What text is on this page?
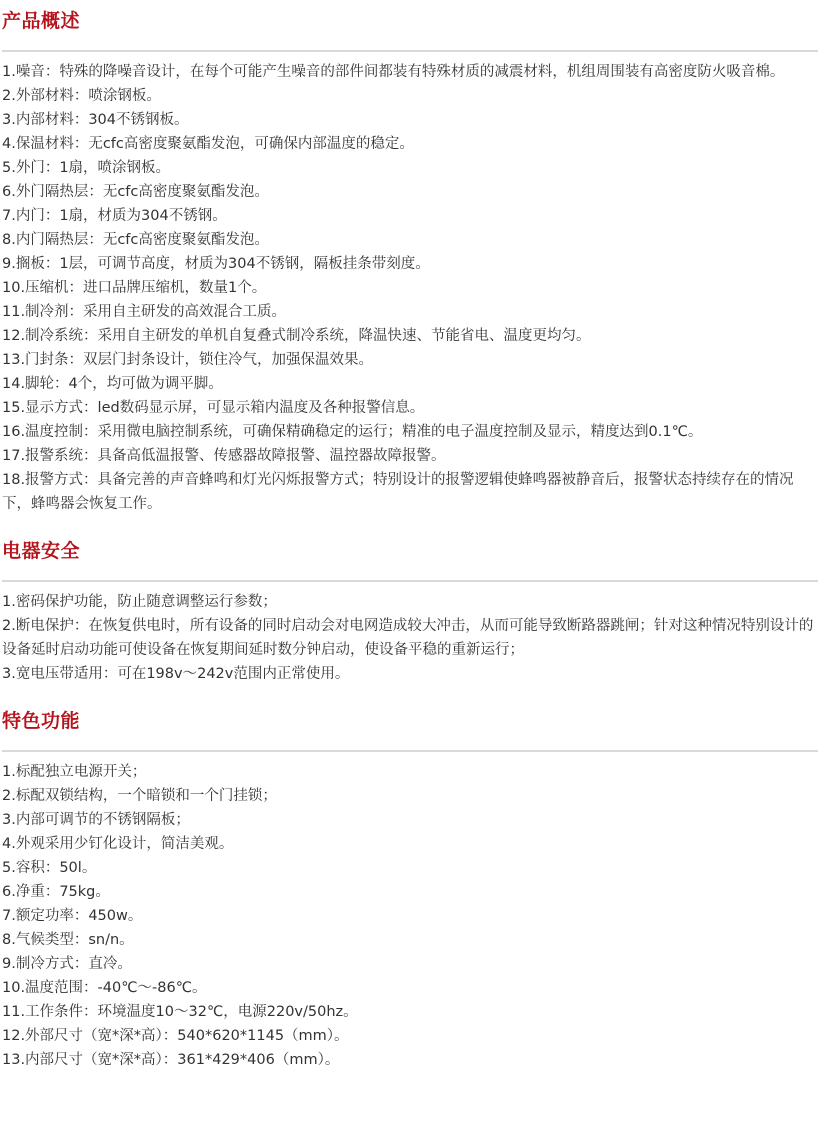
产品概述
1.噪音：特殊的降噪音设计，在每个可能产生噪音的部件间都装有特殊材质的减震材料，机组周围装有高密度防火吸音棉。
2.外部材料：喷涂钢板。
3.内部材料：304不锈钢板。
4.保温材料：无cfc高密度聚氨酯发泡，可确保内部温度的稳定。
5.外门：1扇，喷涂钢板。
6.外门隔热层：无cfc高密度聚氨酯发泡。
7.内门：1扇，材质为304不锈钢。
8.内门隔热层：无cfc高密度聚氨酯发泡。
9.搁板：1层，可调节高度，材质为304不锈钢，隔板挂条带刻度。
10.压缩机：进口品牌压缩机，数量1个。
11.制冷剂：采用自主研发的高效混合工质。
12.制冷系统：采用自主研发的单机自复叠式制冷系统，降温快速、节能省电、温度更均匀。
13.门封条：双层门封条设计，锁住冷气，加强保温效果。
14.脚轮：4个，均可做为调平脚。
15.显示方式：led数码显示屏，可显示箱内温度及各种报警信息。
16.温度控制：采用微电脑控制系统，可确保精确稳定的运行；精准的电子温度控制及显示，精度达到0.1℃。
17.报警系统：具备高低温报警、传感器故障报警、温控器故障报警。
18.报警方式：具备完善的声音蜂鸣和灯光闪烁报警方式；特别设计的报警逻辑使蜂鸣器被静音后，报警状态持续存在的情况下，蜂鸣器会恢复工作。
电器安全
1.密码保护功能，防止随意调整运行参数；
2.断电保护：在恢复供电时，所有设备的同时启动会对电网造成较大冲击，从而可能导致断路器跳闸；针对这种情况特别设计的设备延时启动功能可使设备在恢复期间延时数分钟启动，使设备平稳的重新运行；
3.宽电压带适用：可在198v～242v范围内正常使用。
特色功能
1.标配独立电源开关；
2.标配双锁结构，一个暗锁和一个门挂锁；
3.内部可调节的不锈钢隔板；
4.外观采用少钉化设计，简洁美观。
5.容积：50l。
6.净重：75kg。
7.额定功率：450w。
8.气候类型：sn/n。
9.制冷方式：直冷。
10.温度范围：-40℃～-86℃。
11.工作条件：环境温度10～32℃，电源220v/50hz。
12.外部尺寸（宽*深*高）：540*620*1145（mm）。
13.内部尺寸（宽*深*高）：361*429*406（mm）。
